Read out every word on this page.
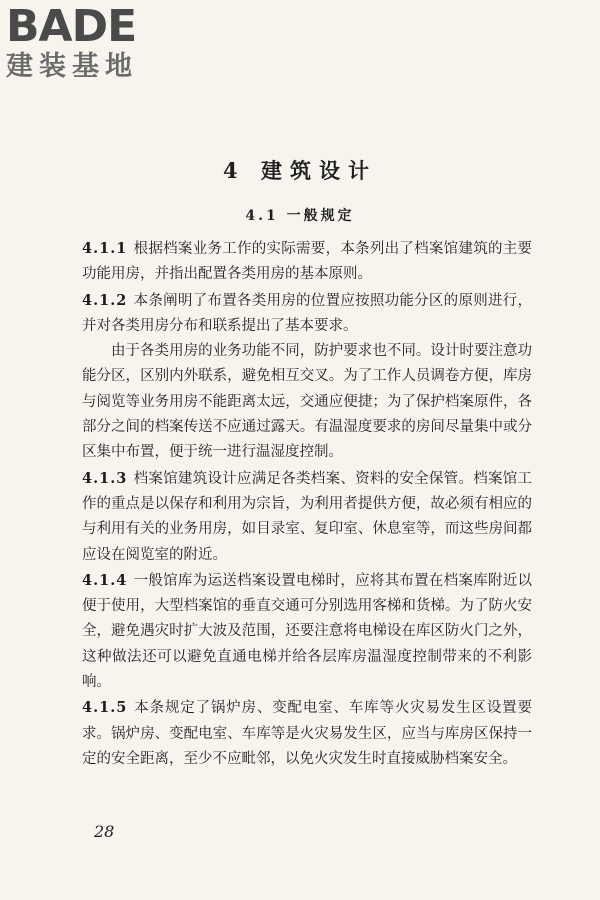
BADE
建装基地
4 建筑设计
4.1 一般规定

4.1.1 根据档案业务工作的实际需要，本条列出了档案馆建筑的主要功能用房，并指出配置各类用房的基本原则。

4.1.2 本条阐明了布置各类用房的位置应按照功能分区的原则进行，并对各类用房分布和联系提出了基本要求。

由于各类用房的业务功能不同，防护要求也不同。设计时要注意功能分区，区别内外联系，避免相互交叉。为了工作人员调卷方便，库房与阅览等业务用房不能距离太远，交通应便捷；为了保护档案原件，各部分之间的档案传送不应通过露天。有温湿度要求的房间尽量集中或分区集中布置，便于统一进行温湿度控制。

4.1.3 档案馆建筑设计应满足各类档案、资料的安全保管。档案馆工作的重点是以保存和利用为宗旨，为利用者提供方便，故必须有相应的与利用有关的业务用房，如目录室、复印室、休息室等，而这些房间都应设在阅览室的附近。

4.1.4 一般馆库为运送档案设置电梯时，应将其布置在档案库附近以便于使用，大型档案馆的垂直交通可分别选用客梯和货梯。为了防火安全，避免遇灾时扩大波及范围，还要注意将电梯设在库区防火门之外，这种做法还可以避免直通电梯并给各层库房温湿度控制带来的不利影响。

4.1.5 本条规定了锅炉房、变配电室、车库等火灾易发生区设置要求。锅炉房、变配电室、车库等是火灾易发生区，应当与库房区保持一定的安全距离，至少不应毗邻，以免火灾发生时直接威胁档案安全。

28
